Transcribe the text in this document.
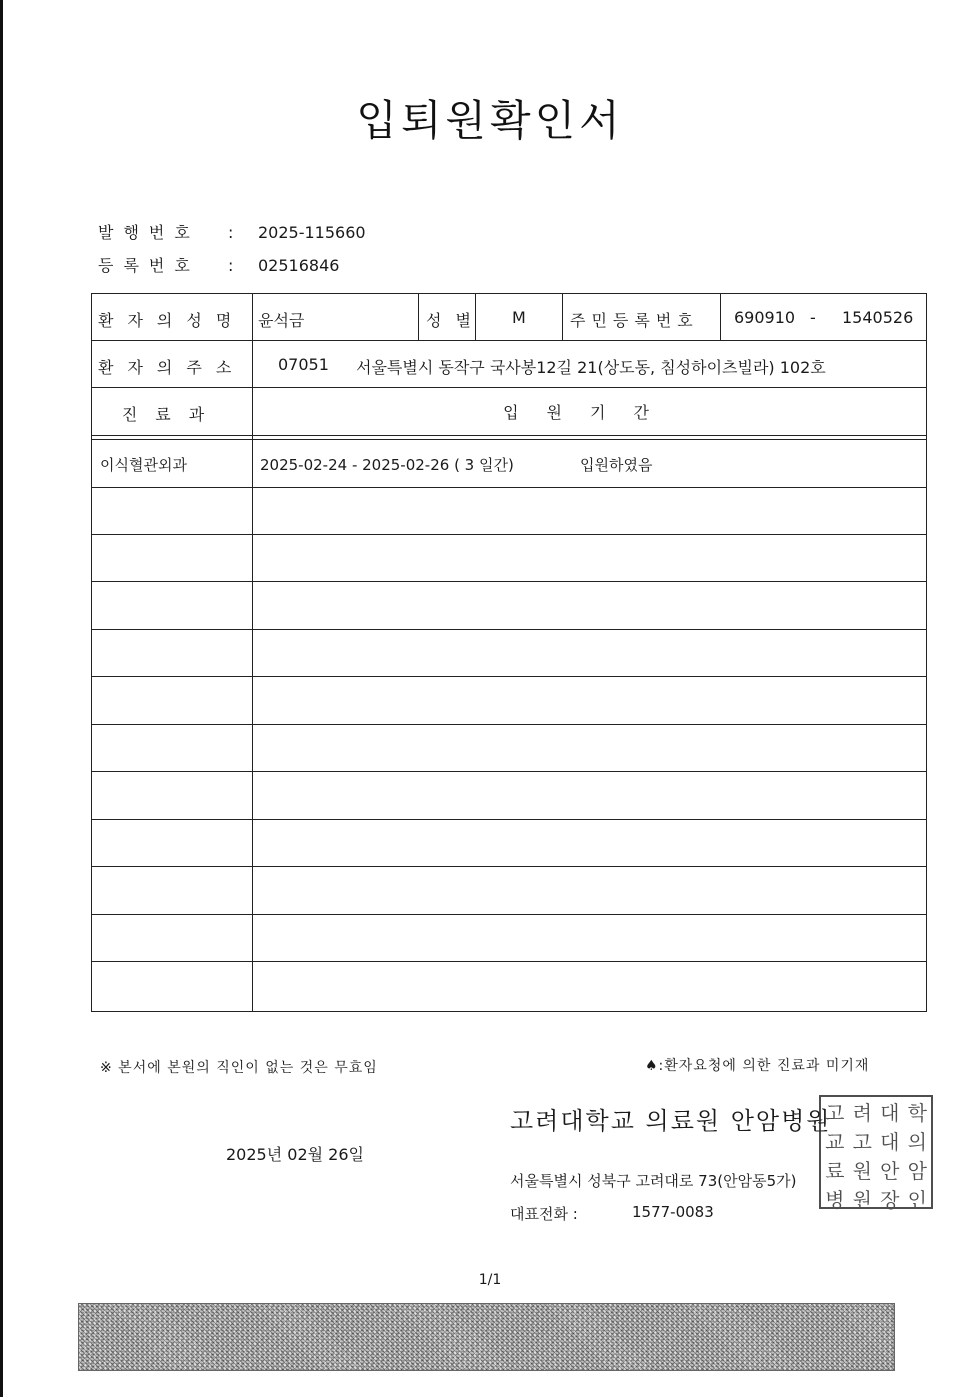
입퇴원확인서
발행번호 : 2025-115660
등록번호 : 02516846
환자의성명 윤석금	성별 M	주민등록번호 690910 - 1540526
환자의주소 07051 서울특별시 동작구 국사봉12길 21(상도동, 침성하이츠빌라) 102호
진료과	입원기간
이식혈관외과	2025-02-24 - 2025-02-26 ( 3 일간)	입원하였음
※ 본서에 본원의 직인이 없는 것은 무효임	♠:환자요청에 의한 진료과 미기재
고려대학교 의료원 안암병원
2025년 02월 26일
서울특별시 성북구 고려대로 73(안암동5가)
대표전화 :	1577-0083
고 려 대 학
교 고 대 의
료 원 안 암
병 원 장 인
1/1
